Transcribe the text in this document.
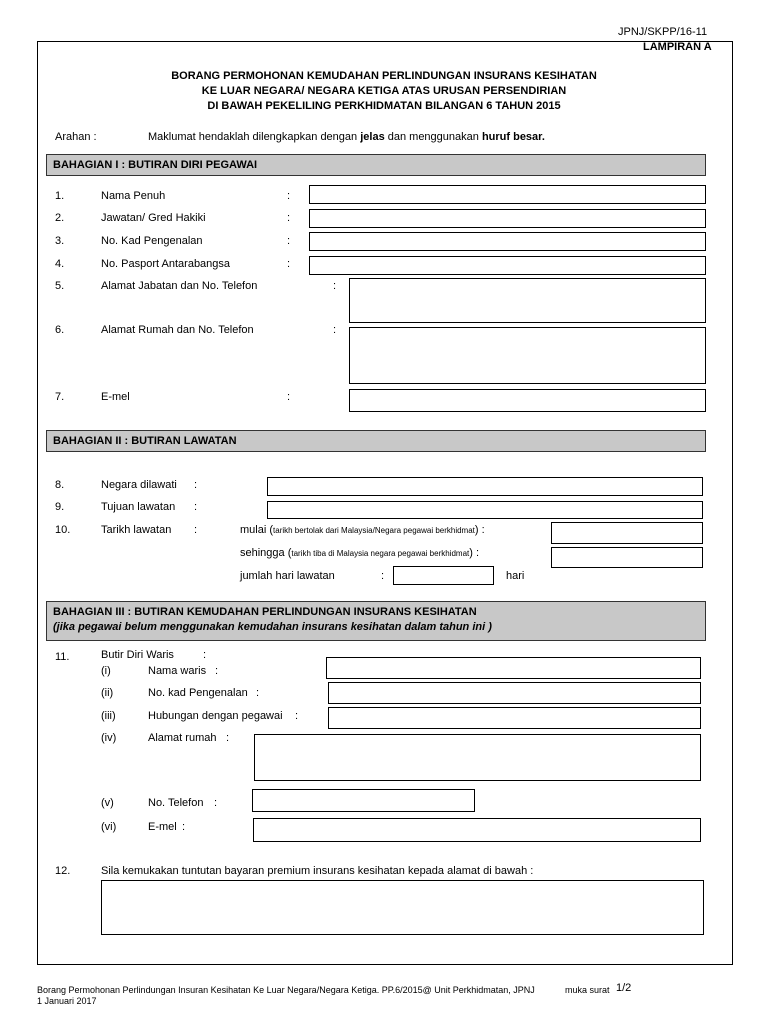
JPNJ/SKPP/16-11
LAMPIRAN A
BORANG PERMOHONAN KEMUDAHAN PERLINDUNGAN INSURANS KESIHATAN
KE LUAR NEGARA/ NEGARA KETIGA ATAS URUSAN PERSENDIRIAN
DI BAWAH PEKELILING PERKHIDMATAN BILANGAN 6 TAHUN 2015
Arahan :	Maklumat hendaklah dilengkapkan dengan jelas dan menggunakan huruf besar.
BAHAGIAN I : BUTIRAN DIRI PEGAWAI
1.	Nama Penuh	:
2.	Jawatan/ Gred Hakiki	:
3.	No. Kad Pengenalan	:
4.	No. Pasport Antarabangsa	:
5.	Alamat Jabatan dan No. Telefon	:
6.	Alamat Rumah dan No. Telefon	:
7.	E-mel	:
BAHAGIAN II : BUTIRAN LAWATAN
8.	Negara dilawati :
9.	Tujuan lawatan :
10.	Tarikh lawatan :	mulai (tarikh bertolak dari Malaysia/Negara pegawai berkhidmat) :
sehingga (tarikh tiba di Malaysia negara pegawai berkhidmat) :
jumlah hari lawatan	:	hari
BAHAGIAN III : BUTIRAN KEMUDAHAN PERLINDUNGAN INSURANS KESIHATAN
(jika pegawai belum menggunakan kemudahan insurans kesihatan dalam tahun ini )
11.	Butir Diri Waris	:
(i)	Nama waris :
(ii)	No. kad Pengenalan :
(iii)	Hubungan dengan pegawai :
(iv)	Alamat rumah :
(v)	No. Telefon :
(vi)	E-mel :
12.	Sila kemukakan tuntutan bayaran premium insurans kesihatan kepada alamat di bawah :
Borang Permohonan Perlindungan Insuran Kesihatan Ke Luar Negara/Negara Ketiga. PP.6/2015@ Unit Perkhidmatan, JPNJ
1 Januari 2017
muka surat 1/2
